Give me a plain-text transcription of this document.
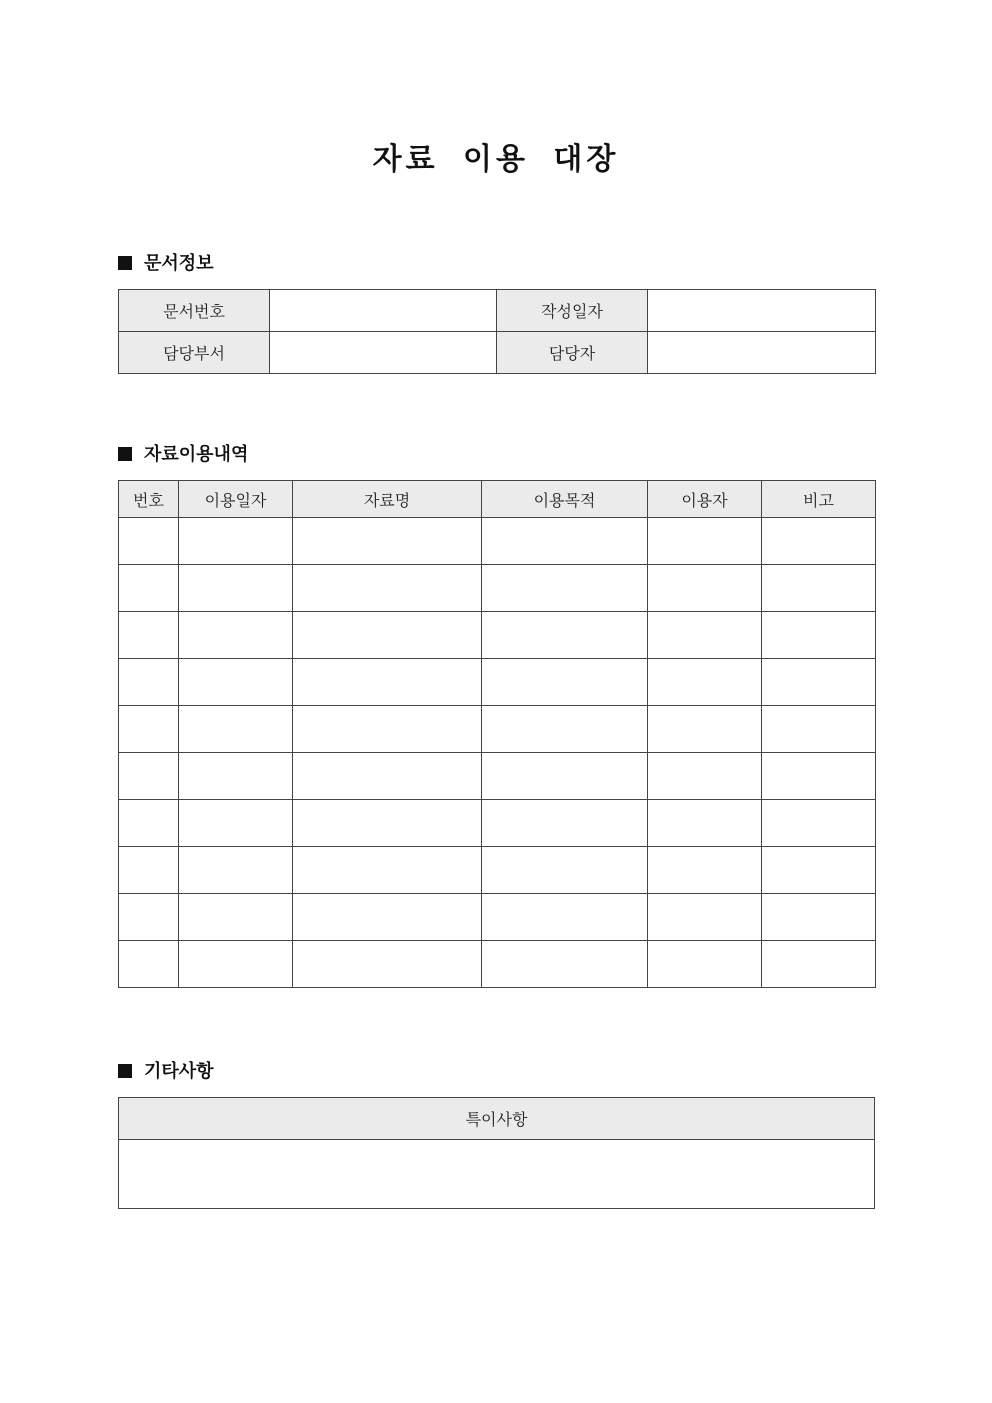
자료 이용 대장
문서정보
문서번호		작성일자	
담당부서		담당자	
자료이용내역
번호	이용일자	자료명	이용목적	이용자	비고

기타사항
특이사항
